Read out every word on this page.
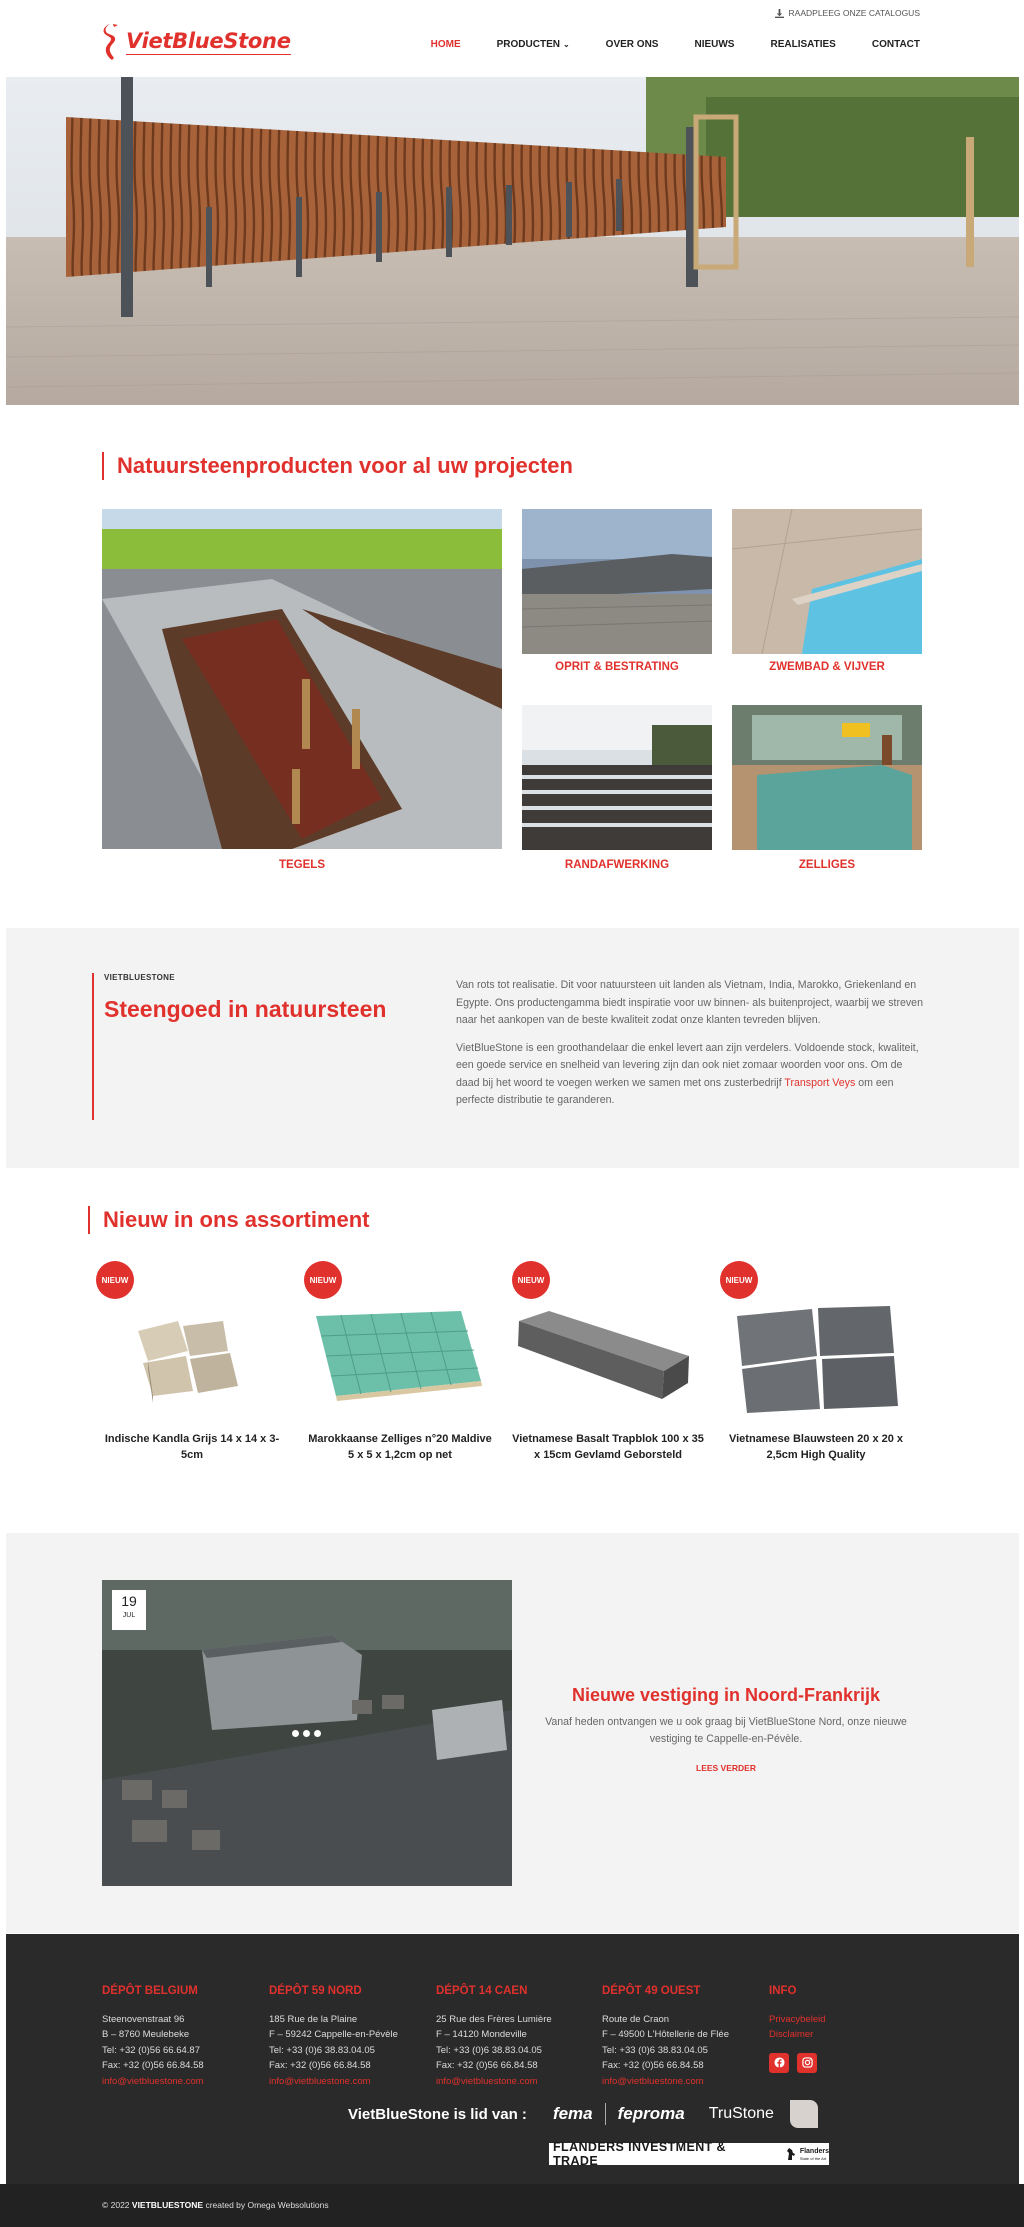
VietBlueStone
RAADPLEEG ONZE CATALOGUS
HOME	PRODUCTEN ⌄	OVER ONS	NIEUWS	REALISATIES	CONTACT
Natuursteenproducten voor al uw projecten
OPRIT & BESTRATING	ZWEMBAD & VIJVER
TEGELS	RANDAFWERKING	ZELLIGES
VIETBLUESTONE
Steengoed in natuursteen

Van rots tot realisatie. Dit voor natuursteen uit landen als Vietnam, India, Marokko, Griekenland en Egypte. Ons productengamma biedt inspiratie voor uw binnen- als buitenproject, waarbij we streven naar het aankopen van de beste kwaliteit zodat onze klanten tevreden blijven.

VietBlueStone is een groothandelaar die enkel levert aan zijn verdelers. Voldoende stock, kwaliteit, een goede service en snelheid van levering zijn dan ook niet zomaar woorden voor ons. Om de daad bij het woord te voegen werken we samen met ons zusterbedrijf Transport Veys om een perfecte distributie te garanderen.

Nieuw in ons assortiment
NIEUW
Indische Kandla Grijs 14 x 14 x 3-5cm
NIEUW
Marokkaanse Zelliges n°20 Maldive 5 x 5 x 1,2cm op net
NIEUW
Vietnamese Basalt Trapblok 100 x 35 x 15cm Gevlamd Geborsteld
NIEUW
Vietnamese Blauwsteen 20 x 20 x 2,5cm High Quality
19
JUL
Nieuwe vestiging in Noord-Frankrijk
Vanaf heden ontvangen we u ook graag bij VietBlueStone Nord, onze nieuwe vestiging te Cappelle-en-Pévèle.
LEES VERDER
DÉPÔT BELGIUM
Steenovenstraat 96
B – 8760 Meulebeke
Tel: +32 (0)56 66.64.87
Fax: +32 (0)56 66.84.58
info@vietbluestone.com
DÉPÔT 59 NORD
185 Rue de la Plaine
F – 59242 Cappelle-en-Pévèle
Tel: +33 (0)6 38.83.04.05
Fax: +32 (0)56 66.84.58
info@vietbluestone.com
DÉPÔT 14 CAEN
25 Rue des Frères Lumière
F – 14120 Mondeville
Tel: +33 (0)6 38.83.04.05
Fax: +32 (0)56 66.84.58
info@vietbluestone.com
DÉPÔT 49 OUEST
Route de Craon
F – 49500 L'Hôtellerie de Flée
Tel: +33 (0)6 38.83.04.05
Fax: +32 (0)56 66.84.58
info@vietbluestone.com
INFO
Privacybeleid
Disclaimer
VietBlueStone is lid van :	fema	feproma	TruStone
FLANDERS INVESTMENT & TRADE
Flanders
State of the Art
© 2022 VIETBLUESTONE created by Omega Websolutions
